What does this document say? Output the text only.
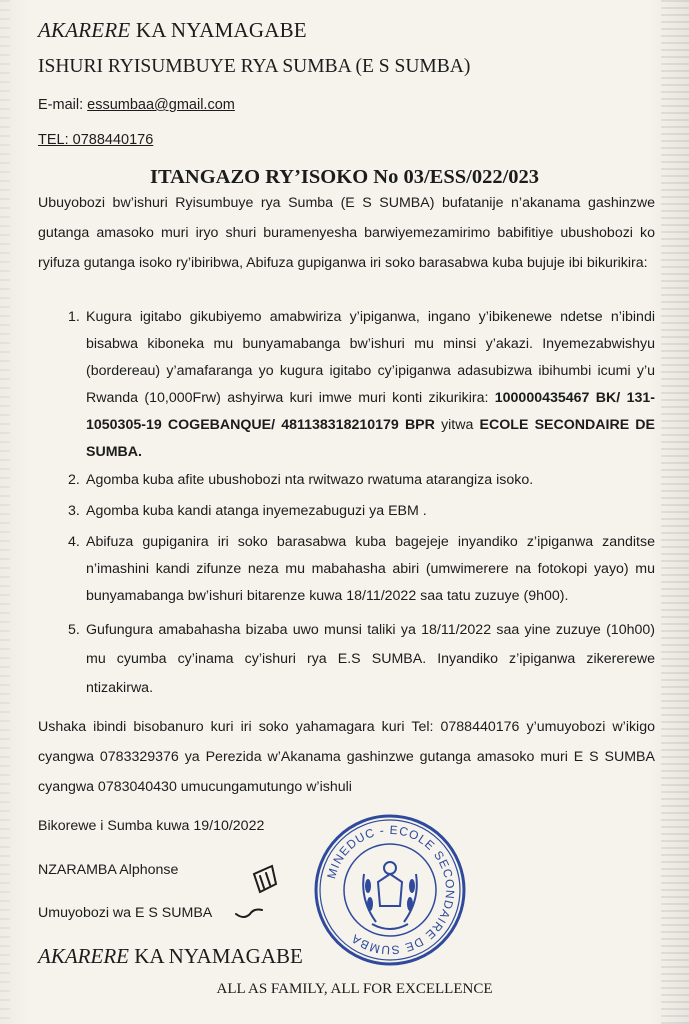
AKARERE KA NYAMAGABE
ISHURI RYISUMBUYE RYA SUMBA (E S SUMBA)
E-mail: essumbaa@gmail.com
TEL: 0788440176
ITANGAZO RY’ISOKO No 03/ESS/022/023
Ubuyobozi bw’ishuri Ryisumbuye rya Sumba (E S SUMBA) bufatanije n’akanama gashinzwe gutanga amasoko muri iryo shuri buramenyesha barwiyemezamirimo babifitiye ubushobozi ko ryifuza gutanga isoko ry’ibiribwa, Abifuza gupiganwa iri soko barasabwa kuba bujuje ibi bikurikira:
1. Kugura igitabo gikubiyemo amabwiriza y’ipiganwa, ingano y’ibikenewe ndetse n’ibindi bisabwa kiboneka mu bunyamabanga bw’ishuri mu minsi y’akazi. Inyemezabwishyu (bordereau) y’amafaranga yo kugura igitabo cy’ipiganwa adasubizwa ibihumbi icumi y’u Rwanda (10,000Frw) ashyirwa kuri imwe muri konti zikurikira: 100000435467 BK/ 131-1050305-19 COGEBANQUE/ 481138318210179 BPR yitwa ECOLE SECONDAIRE DE SUMBA.
2. Agomba kuba afite ubushobozi nta rwitwazo rwatuma atarangiza isoko.
3. Agomba kuba kandi atanga inyemezabuguzi ya EBM .
4. Abifuza gupiganira iri soko barasabwa kuba bagejeje inyandiko z’ipiganwa zanditse n’imashini kandi zifunze neza mu mabahasha abiri (umwimerere na fotokopi yayo) mu bunyamabanga bw’ishuri bitarenze kuwa 18/11/2022 saa tatu zuzuye (9h00).
5. Gufungura amabahasha bizaba uwo munsi taliki ya 18/11/2022 saa yine zuzuye (10h00) mu cyumba cy’inama cy’ishuri rya E.S SUMBA. Inyandiko z’ipiganwa zikererewe ntizakirwa.
Ushaka ibindi bisobanuro kuri iri soko yahamagara kuri Tel: 0788440176 y’umuyobozi w’ikigo cyangwa 0783329376 ya Perezida w’Akanama gashinzwe gutanga amasoko muri E S SUMBA cyangwa 0783040430 umucungamutungo w’ishuli
Bikorewe i Sumba kuwa 19/10/2022
NZARAMBA Alphonse
Umuyobozi wa E S SUMBA
MINEDUC - ECOLE SECONDAIRE DE SUMBA
AKARERE KA NYAMAGABE
ALL AS FAMILY, ALL FOR EXCELLENCE
